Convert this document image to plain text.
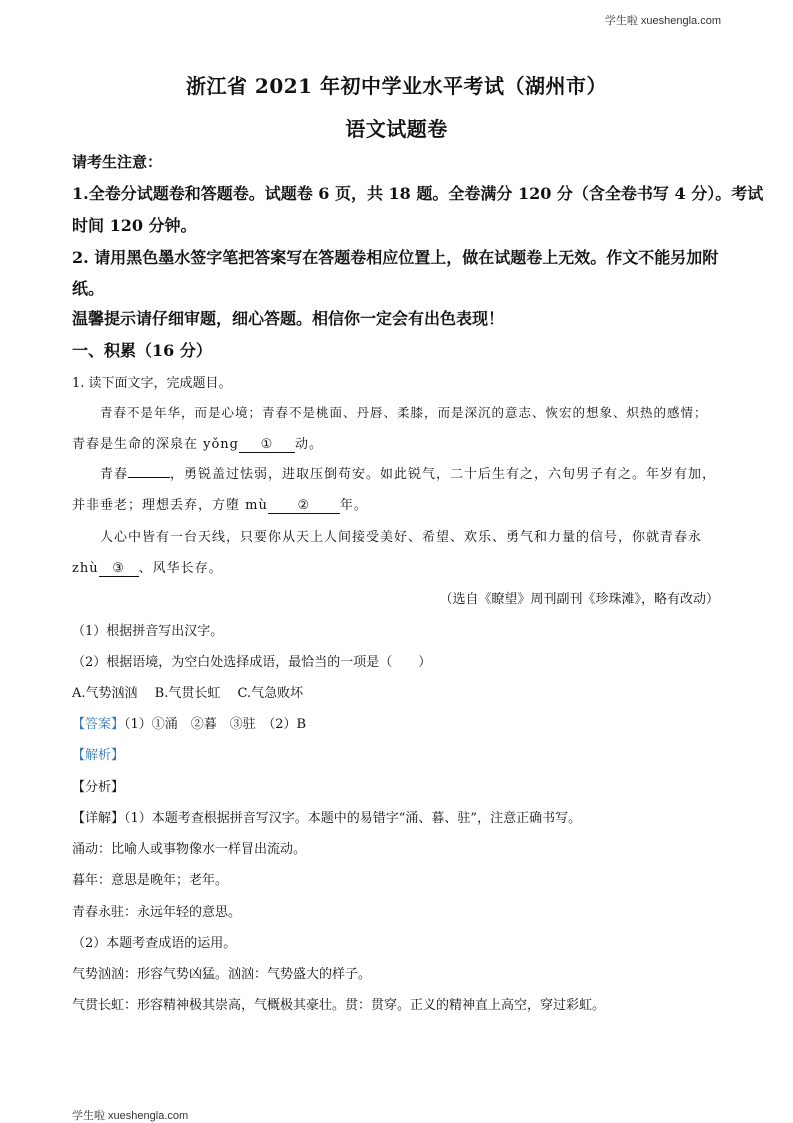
学生啦 xueshengla.com
浙江省 2021 年初中学业水平考试（湖州市）
语文试题卷
请考生注意：
1.全卷分试题卷和答题卷。试题卷 6 页，共 18 题。全卷满分 120 分（含全卷书写 4 分）。考试
时间 120 分钟。
2. 请用黑色墨水签字笔把答案写在答题卷相应位置上，做在试题卷上无效。作文不能另加附
纸。
温馨提示请仔细审题，细心答题。相信你一定会有出色表现！
一、积累（16 分）
1. 读下面文字，完成题目。
青春不是年华，而是心境；青春不是桃面、丹唇、柔膝，而是深沉的意志、恢宏的想象、炽热的感情；
青春是生命的深泉在 yǒng ① 动。
青春	，勇锐盖过怯弱，进取压倒苟安。如此锐气，二十后生有之，六旬男子有之。年岁有加，
并非垂老；理想丢弃，方堕 mù ② 年。
人心中皆有一台天线，只要你从天上人间接受美好、希望、欢乐、勇气和力量的信号，你就青春永
zhù ③ 、风华长存。
（选自《瞭望》周刊副刊《珍珠滩》，略有改动）
（1）根据拼音写出汉字。
（2）根据语境，为空白处选择成语，最恰当的一项是（　　）
A.气势汹汹　 B.气贯长虹　 C.气急败坏
【答案】（1）①涌　②暮　③驻　（2）B
【解析】
【分析】
【详解】（1）本题考查根据拼音写汉字。本题中的易错字“涌、暮、驻”，注意正确书写。
涌动：比喻人或事物像水一样冒出流动。
暮年：意思是晚年；老年。
青春永驻：永远年轻的意思。
（2）本题考查成语的运用。
气势汹汹：形容气势凶猛。汹汹：气势盛大的样子。
气贯长虹：形容精神极其崇高，气概极其豪壮。贯：贯穿。正义的精神直上高空，穿过彩虹。
学生啦 xueshengla.com
